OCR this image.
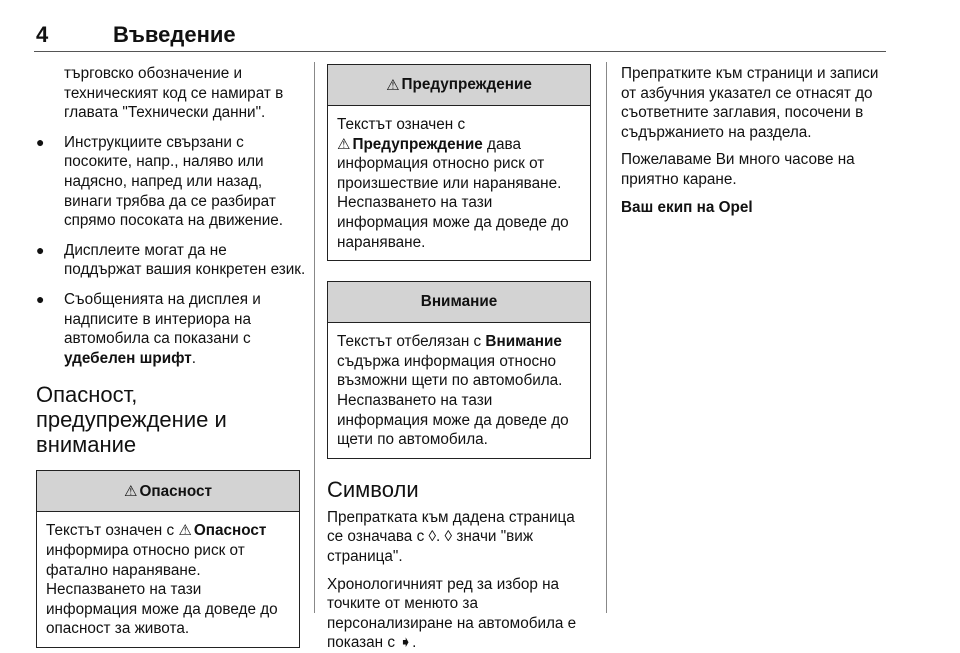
4	Въведение

търговско обозначение и техническият код се намират в главата "Технически данни".

● Инструкциите свързани с посоките, напр., наляво или надясно, напред или назад, винаги трябва да се разбират спрямо посоката на движение.
● Дисплеите могат да не поддържат вашия конкретен език.
● Съобщенията на дисплея и надписите в интериора на автомобила са показани с удебелен шрифт.
Опасност, предупреждение и внимание
⚠ Опасност
Текстът означен с ⚠ Опасност информира относно риск от фатално нараняване. Неспазването на тази информация може да доведе до опасност за живота.
⚠ Предупреждение
Текстът означен с
⚠ Предупреждение дава информация относно риск от произшествие или нараняване. Неспазването на тази информация може да доведе до нараняване.
Внимание
Текстът отбелязан с Внимание съдържа информация относно възможни щети по автомобила. Неспазването на тази информация може да доведе до щети по автомобила.
Символи

Препратката към дадена страница се означава с ◊. ◊ значи "виж страница".

Хронологичният ред за избор на точките от менюто за персонализиране на автомобила е показан с ➧.

Препратките към страници и записи от азбучния указател се отнасят до съответните заглавия, посочени в съдържанието на раздела.

Пожелаваме Ви много часове на приятно каране.

Ваш екип на Opel
